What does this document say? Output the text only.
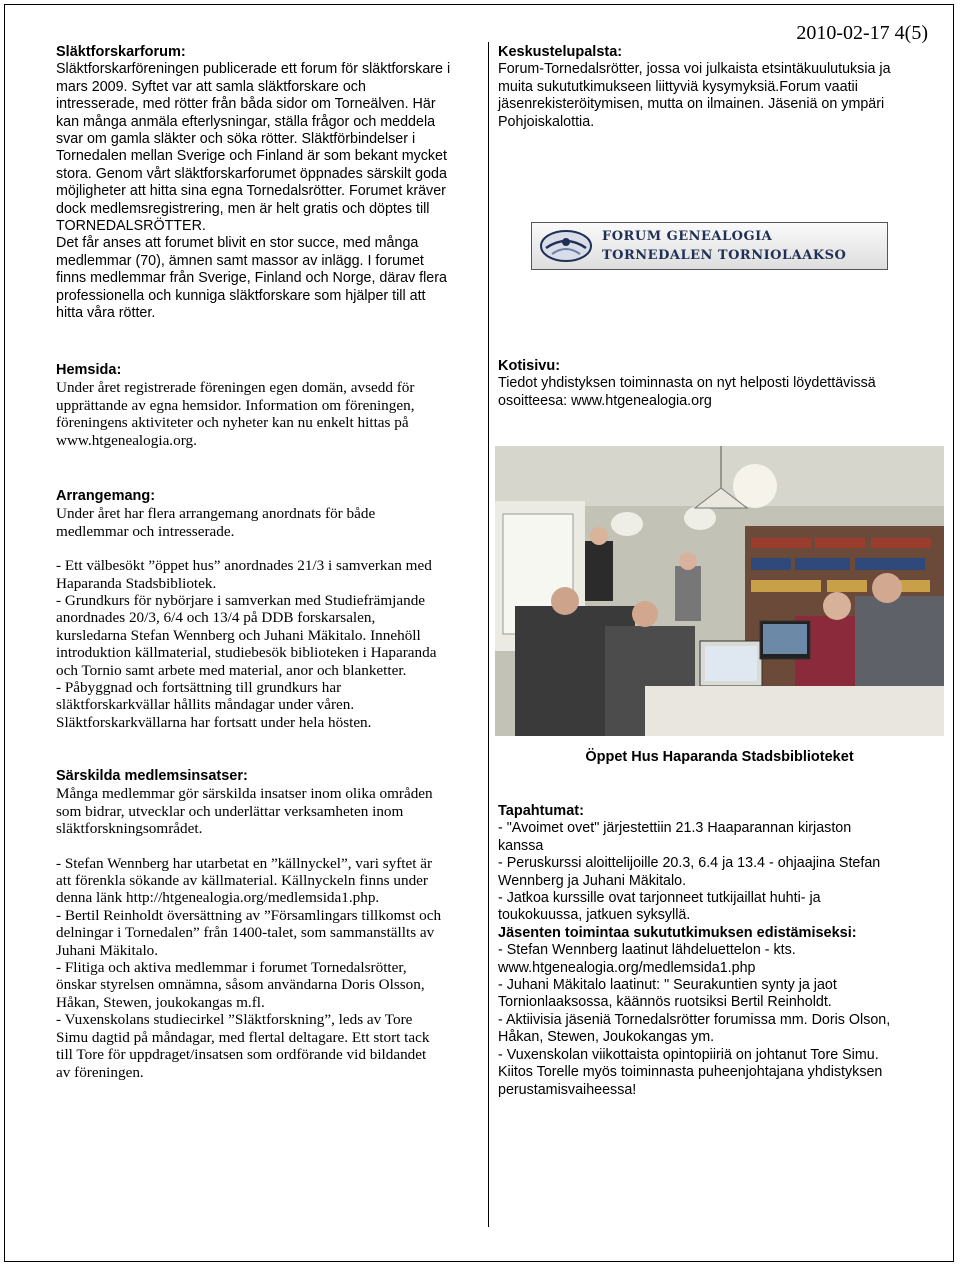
2010-02-17 4(5)
Släktforskarforum:

Släktforskarföreningen publicerade ett forum för släktforskare i

mars 2009. Syftet var att samla släktforskare och

intresserade, med rötter från båda sidor om Torneälven. Här

kan många anmäla efterlysningar, ställa frågor och meddela

svar om gamla släkter och söka rötter. Släktförbindelser i

Tornedalen mellan Sverige och Finland är som bekant mycket

stora. Genom vårt släktforskarforumet öppnades särskilt goda

möjligheter att hitta sina egna Tornedalsrötter. Forumet kräver

dock medlemsregistrering, men är helt gratis och döptes till

TORNEDALSRÖTTER.

Det får anses att forumet blivit en stor succe, med många

medlemmar (70), ämnen samt massor av inlägg. I forumet

finns medlemmar från Sverige, Finland och Norge, därav flera

professionella och kunniga släktforskare som hjälper till att

hitta våra rötter.

Hemsida:

Under året registrerade föreningen egen domän, avsedd för

upprättande av egna hemsidor. Information om föreningen,

föreningens aktiviteter och nyheter kan nu enkelt hittas på

www.htgenealogia.org.

Arrangemang:

Under året har flera arrangemang anordnats för både

medlemmar och intresserade.

- Ett välbesökt ”öppet hus” anordnades 21/3 i samverkan med

Haparanda Stadsbibliotek.

- Grundkurs för nybörjare i samverkan med Studiefrämjande

anordnades 20/3, 6/4 och 13/4 på DDB forskarsalen,

kursledarna Stefan Wennberg och Juhani Mäkitalo. Innehöll

introduktion källmaterial, studiebesök biblioteken i Haparanda

och Tornio samt arbete med material, anor och blanketter.

- Påbyggnad och fortsättning till grundkurs har

släktforskarkvällar hållits måndagar under våren.

Släktforskarkvällarna har fortsatt under hela hösten.

Särskilda medlemsinsatser:

Många medlemmar gör särskilda insatser inom olika områden

som bidrar, utvecklar och underlättar verksamheten inom

släktforskningsområdet.

- Stefan Wennberg har utarbetat en ”källnyckel”, vari syftet är

att förenkla sökande av källmaterial. Källnyckeln finns under

denna länk http://htgenealogia.org/medlemsida1.php.

- Bertil Reinholdt översättning av ”Församlingars tillkomst och

delningar i Tornedalen” från 1400-talet, som sammanställts av

Juhani Mäkitalo.

- Flitiga och aktiva medlemmar i forumet Tornedalsrötter,

önskar styrelsen omnämna, såsom användarna Doris Olsson,

Håkan, Stewen, joukokangas m.fl.

- Vuxenskolans studiecirkel ”Släktforskning”, leds av Tore

Simu dagtid på måndagar, med flertal deltagare. Ett stort tack

till Tore för uppdraget/insatsen som ordförande vid bildandet

av föreningen.

Keskustelupalsta:

Forum-Tornedalsrötter, jossa voi julkaista etsintäkuulutuksia ja

muita sukututkimukseen liittyviä kysymyksiä.Forum vaatii

jäsenrekisteröitymisen, mutta on ilmainen. Jäseniä on ympäri

Pohjoiskalottia.

FORUM GENEALOGIA
TORNEDALEN TORNIOLAAKSO
Kotisivu:

Tiedot yhdistyksen toiminnasta on nyt helposti löydettävissä

osoitteesa: www.htgenealogia.org

Öppet Hus Haparanda Stadsbiblioteket
Tapahtumat:

- "Avoimet ovet" järjestettiin 21.3 Haaparannan kirjaston

kanssa

- Peruskurssi aloittelijoille 20.3, 6.4 ja 13.4 - ohjaajina Stefan

Wennberg ja Juhani Mäkitalo.

- Jatkoa kurssille ovat tarjonneet tutkijaillat huhti- ja

toukokuussa, jatkuen syksyllä.

Jäsenten toimintaa sukututkimuksen edistämiseksi:

- Stefan Wennberg laatinut lähdeluettelon - kts.

www.htgenealogia.org/medlemsida1.php

- Juhani Mäkitalo laatinut: " Seurakuntien synty ja jaot

Tornionlaaksossa, käännös ruotsiksi Bertil Reinholdt.

- Aktiivisia jäseniä Tornedalsrötter forumissa mm. Doris Olson,

Håkan, Stewen, Joukokangas ym.

- Vuxenskolan viikottaista opintopiiriä on johtanut Tore Simu.

Kiitos Torelle myös toiminnasta puheenjohtajana yhdistyksen

perustamisvaiheessa!
